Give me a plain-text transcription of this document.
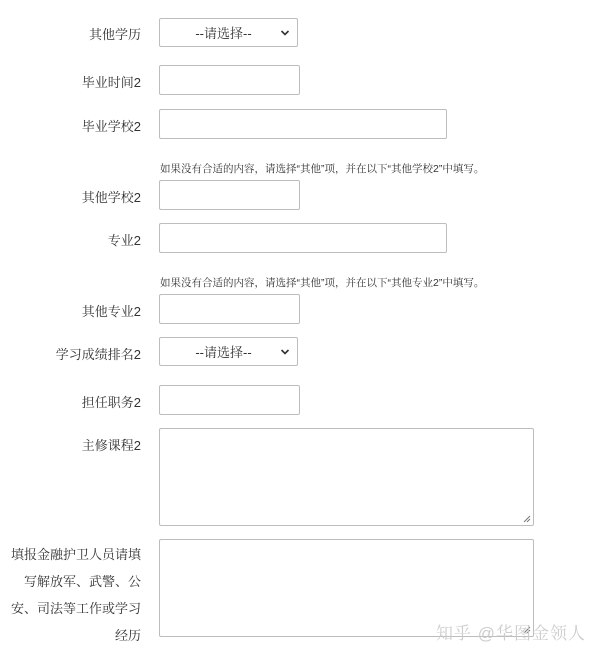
其他学历	--请选择--
毕业时间2
毕业学校2
如果没有合适的内容，请选择“其他”项，并在以下“其他学校2”中填写。
其他学校2
专业2
如果没有合适的内容，请选择“其他”项，并在以下“其他专业2”中填写。
其他专业2
学习成绩排名2	--请选择--
担任职务2
主修课程2
填报金融护卫人员请填写解放军、武警、公安、司法等工作或学习经历	知乎 @华图金领人
